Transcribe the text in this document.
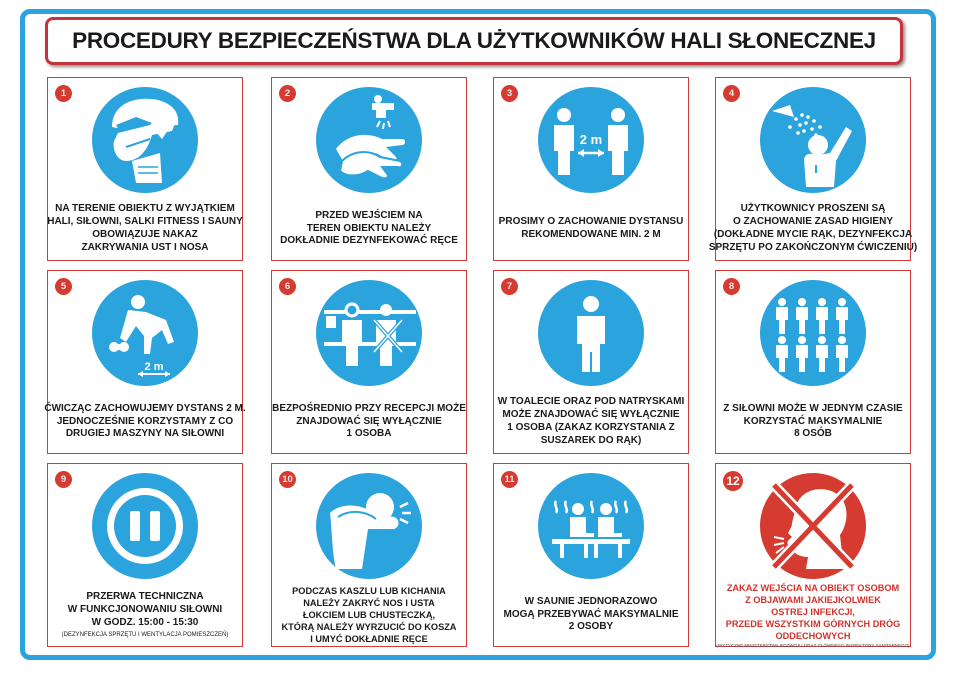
PROCEDURY BEZPIECZEŃSTWA DLA UŻYTKOWNIKÓW HALI SŁONECZNEJ
1
NA TERENIE OBIEKTU Z WYJĄTKIEM
HALI, SIŁOWNI, SALKI FITNESS I SAUNY
OBOWIĄZUJE NAKAZ
ZAKRYWANIA UST I NOSA
2
PRZED WEJŚCIEM NA
TEREN OBIEKTU NALEŻY
DOKŁADNIE DEZYNFEKOWAĆ RĘCE
3
2 m
PROSIMY O ZACHOWANIE DYSTANSU
REKOMENDOWANE MIN. 2 M
4
UŻYTKOWNICY PROSZENI SĄ
O ZACHOWANIE ZASAD HIGIENY
(DOKŁADNE MYCIE RĄK, DEZYNFEKCJA
SPRZĘTU PO ZAKOŃCZONYM ĆWICZENIU)
5
2 m
ĆWICZĄC ZACHOWUJEMY DYSTANS 2 M.
JEDNOCZEŚNIE KORZYSTAMY Z CO
DRUGIEJ MASZYNY NA SIŁOWNI
6
BEZPOŚREDNIO PRZY RECEPCJI MOŻE
ZNAJDOWAĆ SIĘ WYŁĄCZNIE
1 OSOBA
7
W TOALECIE ORAZ POD NATRYSKAMI
MOŻE ZNAJDOWAĆ SIĘ WYŁĄCZNIE
1 OSOBA (ZAKAZ KORZYSTANIA Z
SUSZAREK DO RĄK)
8
Z SIŁOWNI MOŻE W JEDNYM CZASIE
KORZYSTAĆ MAKSYMALNIE
8 OSÓB
9
PRZERWA TECHNICZNA
W FUNKCJONOWANIU SIŁOWNI
W GODZ. 15:00 - 15:30
(DEZYNFEKCJA SPRZĘTU I WENTYLACJA POMIESZCZEŃ)
10
PODCZAS KASZLU LUB KICHANIA
NALEŻY ZAKRYĆ NOS I USTA
ŁOKCIEM LUB CHUSTECZKĄ,
KTÓRĄ NALEŻY WYRZUCIĆ DO KOSZA
I UMYĆ DOKŁADNIE RĘCE
11
W SAUNIE JEDNORAZOWO
MOGĄ PRZEBYWAĆ MAKSYMALNIE
2 OSOBY
12
ZAKAZ WEJŚCIA NA OBIEKT OSOBOM
Z OBJAWAMI JAKIEJKOLWIEK
OSTREJ INFEKCJI,
PRZEDE WSZYSTKIM GÓRNYCH DRÓG
ODDECHOWYCH
(WYTYCZNE MINISTERSTWA ROZWOJU ORAZ GŁÓWNEGO INSPEKTORA SANITARNEGO)
